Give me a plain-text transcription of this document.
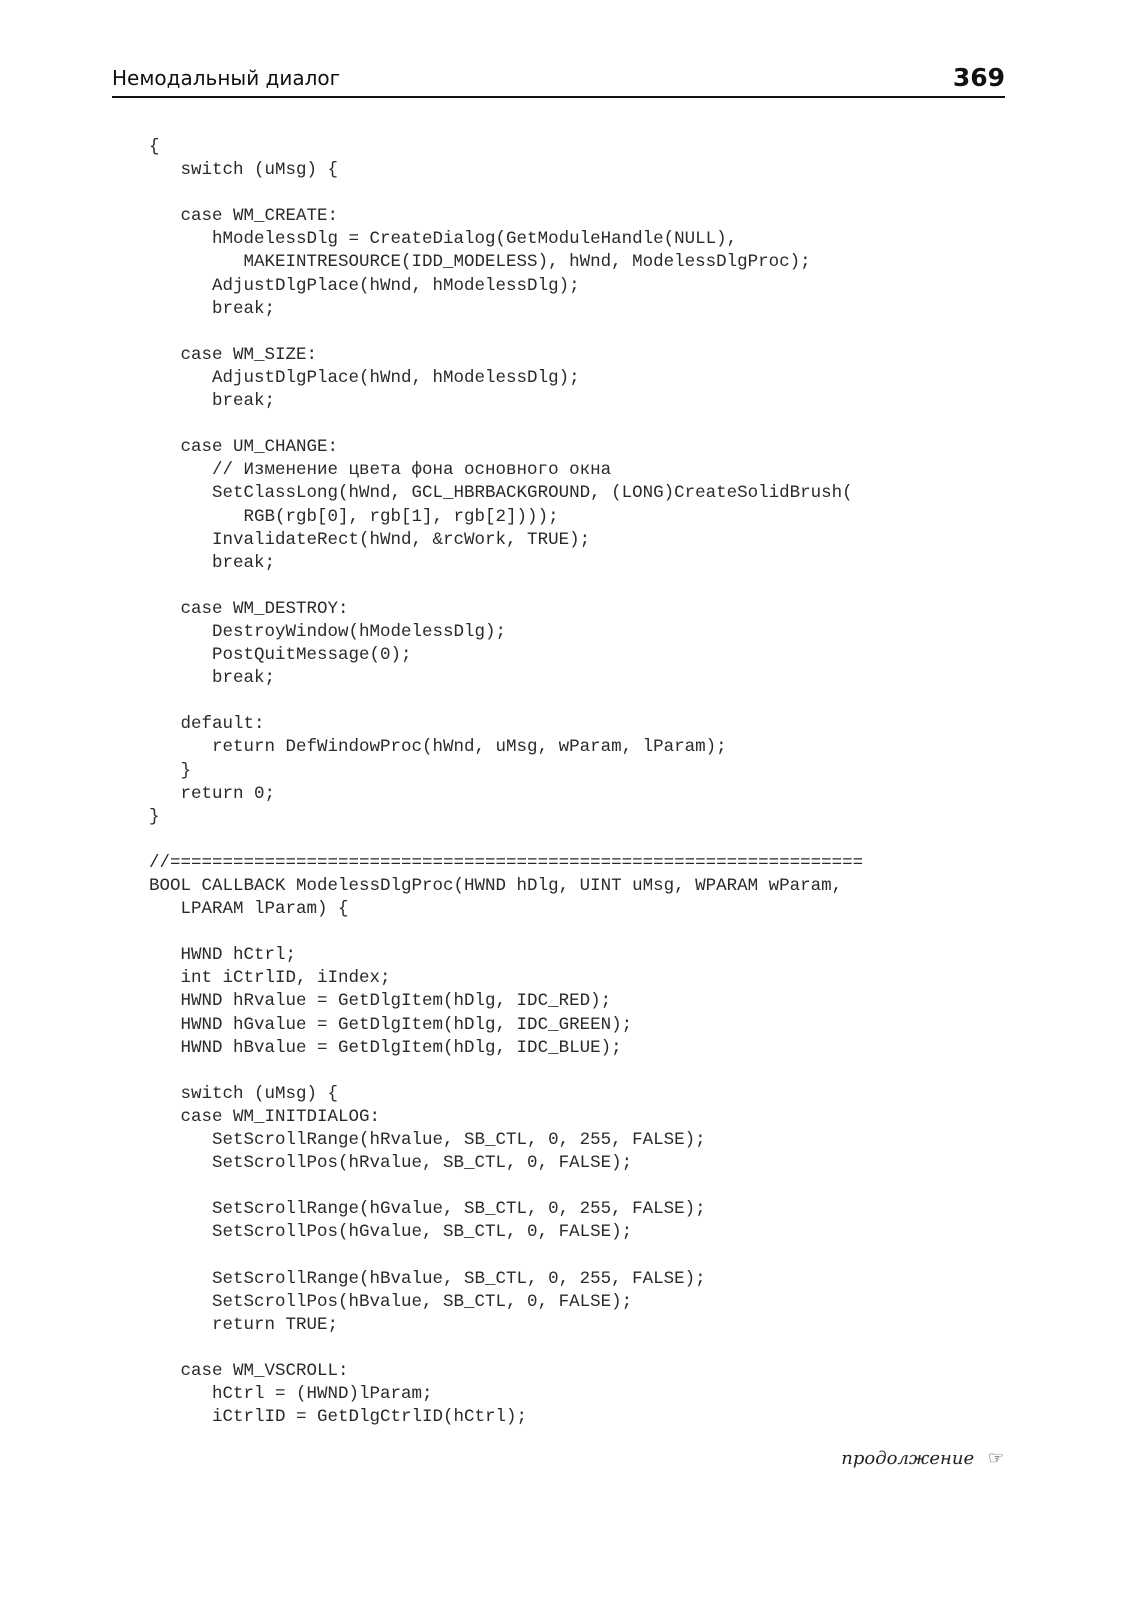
Немодальный диалог	369
{
switch (uMsg) {

case WM_CREATE:
hModelessDlg = CreateDialog(GetModuleHandle(NULL),
MAKEINTRESOURCE(IDD_MODELESS), hWnd, ModelessDlgProc);
AdjustDlgPlace(hWnd, hModelessDlg);
break;

case WM_SIZE:
AdjustDlgPlace(hWnd, hModelessDlg);
break;

case UM_CHANGE:
// Изменение цвета фона основного окна
SetClassLong(hWnd, GCL_HBRBACKGROUND, (LONG)CreateSolidBrush(
RGB(rgb[0], rgb[1], rgb[2])));
InvalidateRect(hWnd, &rcWork, TRUE);
break;

case WM_DESTROY:
DestroyWindow(hModelessDlg);
PostQuitMessage(0);
break;

default:
return DefWindowProc(hWnd, uMsg, wParam, lParam);
}
return 0;
}

//==================================================================
BOOL CALLBACK ModelessDlgProc(HWND hDlg, UINT uMsg, WPARAM wParam,
LPARAM lParam) {

HWND hCtrl;
int iCtrlID, iIndex;
HWND hRvalue = GetDlgItem(hDlg, IDC_RED);
HWND hGvalue = GetDlgItem(hDlg, IDC_GREEN);
HWND hBvalue = GetDlgItem(hDlg, IDC_BLUE);

switch (uMsg) {
case WM_INITDIALOG:
SetScrollRange(hRvalue, SB_CTL, 0, 255, FALSE);
SetScrollPos(hRvalue, SB_CTL, 0, FALSE);

SetScrollRange(hGvalue, SB_CTL, 0, 255, FALSE);
SetScrollPos(hGvalue, SB_CTL, 0, FALSE);

SetScrollRange(hBvalue, SB_CTL, 0, 255, FALSE);
SetScrollPos(hBvalue, SB_CTL, 0, FALSE);
return TRUE;

case WM_VSCROLL:
hCtrl = (HWND)lParam;
iCtrlID = GetDlgCtrlID(hCtrl);
продолжение ☞
